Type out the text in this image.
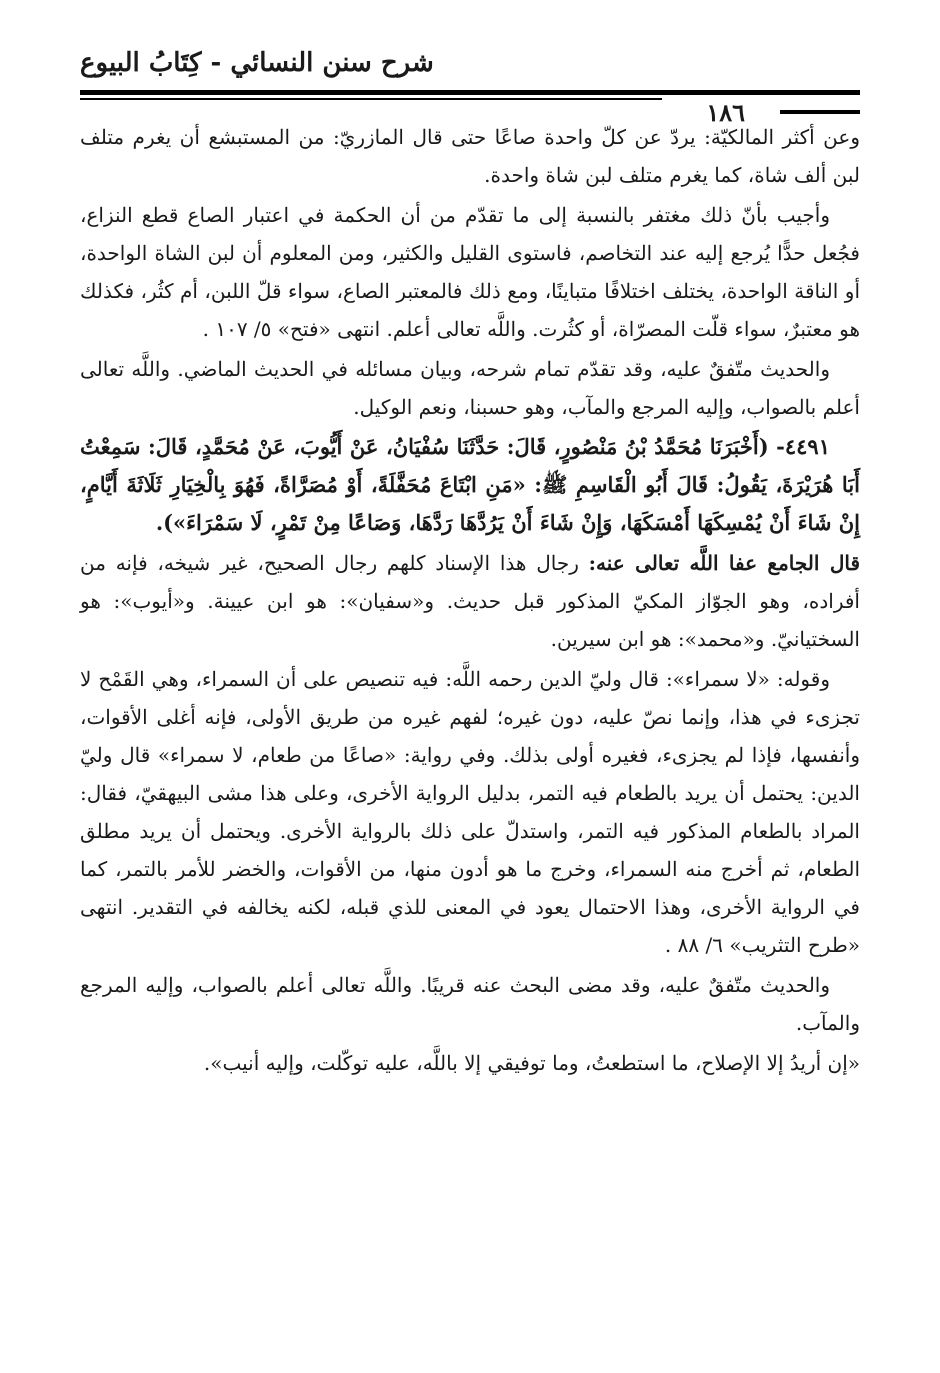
شرح سنن النسائي - كِتَابُ البيوع
١٨٦

وعن أكثر المالكيّة: يردّ عن كلّ واحدة صاعًا حتى قال المازريّ: من المستبشع أن يغرم متلف لبن ألف شاة، كما يغرم متلف لبن شاة واحدة.

وأجيب بأنّ ذلك مغتفر بالنسبة إلى ما تقدّم من أن الحكمة في اعتبار الصاع قطع النزاع، فجُعل حدًّا يُرجع إليه عند التخاصم، فاستوى القليل والكثير، ومن المعلوم أن لبن الشاة الواحدة، أو الناقة الواحدة، يختلف اختلافًا متباينًا، ومع ذلك فالمعتبر الصاع، سواء قلّ اللبن، أم كثُر، فكذلك هو معتبرٌ، سواء قلّت المصرّاة، أو كثُرت. واللَّه تعالى أعلم. انتهى «فتح» ٥/ ١٠٧ .

والحديث متّفقٌ عليه، وقد تقدّم تمام شرحه، وبيان مسائله في الحديث الماضي. واللَّه تعالى أعلم بالصواب، وإليه المرجع والمآب، وهو حسبنا، ونعم الوكيل.

٤٤٩١- (أَخْبَرَنَا مُحَمَّدُ بْنُ مَنْصُورٍ، قَالَ: حَدَّثَنَا سُفْيَانُ، عَنْ أَيُّوبَ، عَنْ مُحَمَّدٍ، قَالَ: سَمِعْتُ أَبَا هُرَيْرَةَ، يَقُولُ: قَالَ أَبُو الْقَاسِمِ ﷺ: «مَنِ ابْتَاعَ مُحَفَّلَةً، أَوْ مُصَرَّاةً، فَهُوَ بِالْخِيَارِ ثَلَاثَةَ أَيَّامٍ، إِنْ شَاءَ أَنْ يُمْسِكَهَا أَمْسَكَهَا، وَإِنْ شَاءَ أَنْ يَرُدَّهَا رَدَّهَا، وَصَاعًا مِنْ تَمْرٍ، لَا سَمْرَاءَ»).

قال الجامع عفا اللَّه تعالى عنه: رجال هذا الإسناد كلهم رجال الصحيح، غير شيخه، فإنه من أفراده، وهو الجوّاز المكيّ المذكور قبل حديث. و«سفيان»: هو ابن عيينة. و«أيوب»: هو السختيانيّ. و«محمد»: هو ابن سيرين.

وقوله: «لا سمراء»: قال وليّ الدين رحمه اللَّه: فيه تنصيص على أن السمراء، وهي القَمْح لا تجزىء في هذا، وإنما نصّ عليه، دون غيره؛ لفهم غيره من طريق الأولى، فإنه أغلى الأقوات، وأنفسها، فإذا لم يجزىء، فغيره أولى بذلك. وفي رواية: «صاعًا من طعام، لا سمراء» قال وليّ الدين: يحتمل أن يريد بالطعام فيه التمر، بدليل الرواية الأخرى، وعلى هذا مشى البيهقيّ، فقال: المراد بالطعام المذكور فيه التمر، واستدلّ على ذلك بالرواية الأخرى. ويحتمل أن يريد مطلق الطعام، ثم أخرج منه السمراء، وخرج ما هو أدون منها، من الأقوات، والخضر للأمر بالتمر، كما في الرواية الأخرى، وهذا الاحتمال يعود في المعنى للذي قبله، لكنه يخالفه في التقدير. انتهى «طرح التثريب» ٦/ ٨٨ .

والحديث متّفقٌ عليه، وقد مضى البحث عنه قريبًا. واللَّه تعالى أعلم بالصواب، وإليه المرجع والمآب.

«إن أريدُ إلا الإصلاح، ما استطعتُ، وما توفيقي إلا باللَّه، عليه توكّلت، وإليه أنيب».
